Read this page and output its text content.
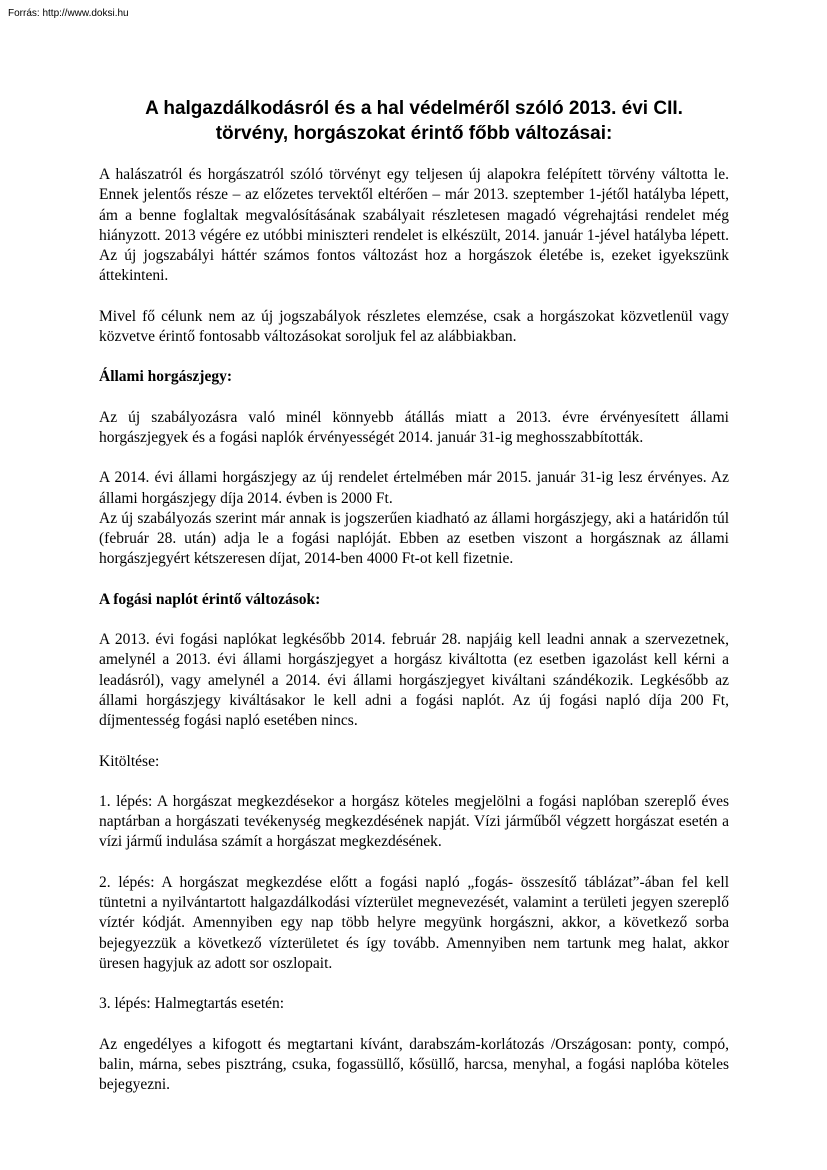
Forrás: http://www.doksi.hu
A halgazdálkodásról és a hal védelméről szóló 2013. évi CII.
törvény, horgászokat érintő főbb változásai:

A halászatról és horgászatról szóló törvényt egy teljesen új alapokra felépített törvény váltotta le. Ennek jelentős része – az előzetes tervektől eltérően – már 2013. szeptember 1-jétől hatályba lépett, ám a benne foglaltak megvalósításának szabályait részletesen magadó végrehajtási rendelet még hiányzott. 2013 végére ez utóbbi miniszteri rendelet is elkészült, 2014. január 1-jével hatályba lépett. Az új jogszabályi háttér számos fontos változást hoz a horgászok életébe is, ezeket igyekszünk áttekinteni.

Mivel fő célunk nem az új jogszabályok részletes elemzése, csak a horgászokat közvetlenül vagy közvetve érintő fontosabb változásokat soroljuk fel az alábbiakban.

Állami horgászjegy:

Az új szabályozásra való minél könnyebb átállás miatt a 2013. évre érvényesített állami horgászjegyek és a fogási naplók érvényességét 2014. január 31-ig meghosszabbították.

A 2014. évi állami horgászjegy az új rendelet értelmében már 2015. január 31-ig lesz érvényes. Az állami horgászjegy díja 2014. évben is 2000 Ft.

Az új szabályozás szerint már annak is jogszerűen kiadható az állami horgászjegy, aki a határidőn túl (február 28. után) adja le a fogási naplóját. Ebben az esetben viszont a horgásznak az állami horgászjegyért kétszeresen díjat, 2014-ben 4000 Ft-ot kell fizetnie.

A fogási naplót érintő változások:

A 2013. évi fogási naplókat legkésőbb 2014. február 28. napjáig kell leadni annak a szervezetnek, amelynél a 2013. évi állami horgászjegyet a horgász kiváltotta (ez esetben igazolást kell kérni a leadásról), vagy amelynél a 2014. évi állami horgászjegyet kiváltani szándékozik. Legkésőbb az állami horgászjegy kiváltásakor le kell adni a fogási naplót. Az új fogási napló díja 200 Ft, díjmentesség fogási napló esetében nincs.

Kitöltése:

1. lépés: A horgászat megkezdésekor a horgász köteles megjelölni a fogási naplóban szereplő éves naptárban a horgászati tevékenység megkezdésének napját. Vízi járműből végzett horgászat esetén a vízi jármű indulása számít a horgászat megkezdésének.

2. lépés: A horgászat megkezdése előtt a fogási napló „fogás- összesítő táblázat”-ában fel kell tüntetni a nyilvántartott halgazdálkodási vízterület megnevezését, valamint a területi jegyen szereplő víztér kódját. Amennyiben egy nap több helyre megyünk horgászni, akkor, a következő sorba bejegyezzük a következő vízterületet és így tovább. Amennyiben nem tartunk meg halat, akkor üresen hagyjuk az adott sor oszlopait.

3. lépés: Halmegtartás esetén:

Az engedélyes a kifogott és megtartani kívánt, darabszám-korlátozás /Országosan: ponty, compó, balin, márna, sebes pisztráng, csuka, fogassüllő, kősüllő, harcsa, menyhal, a fogási naplóba köteles bejegyezni.
